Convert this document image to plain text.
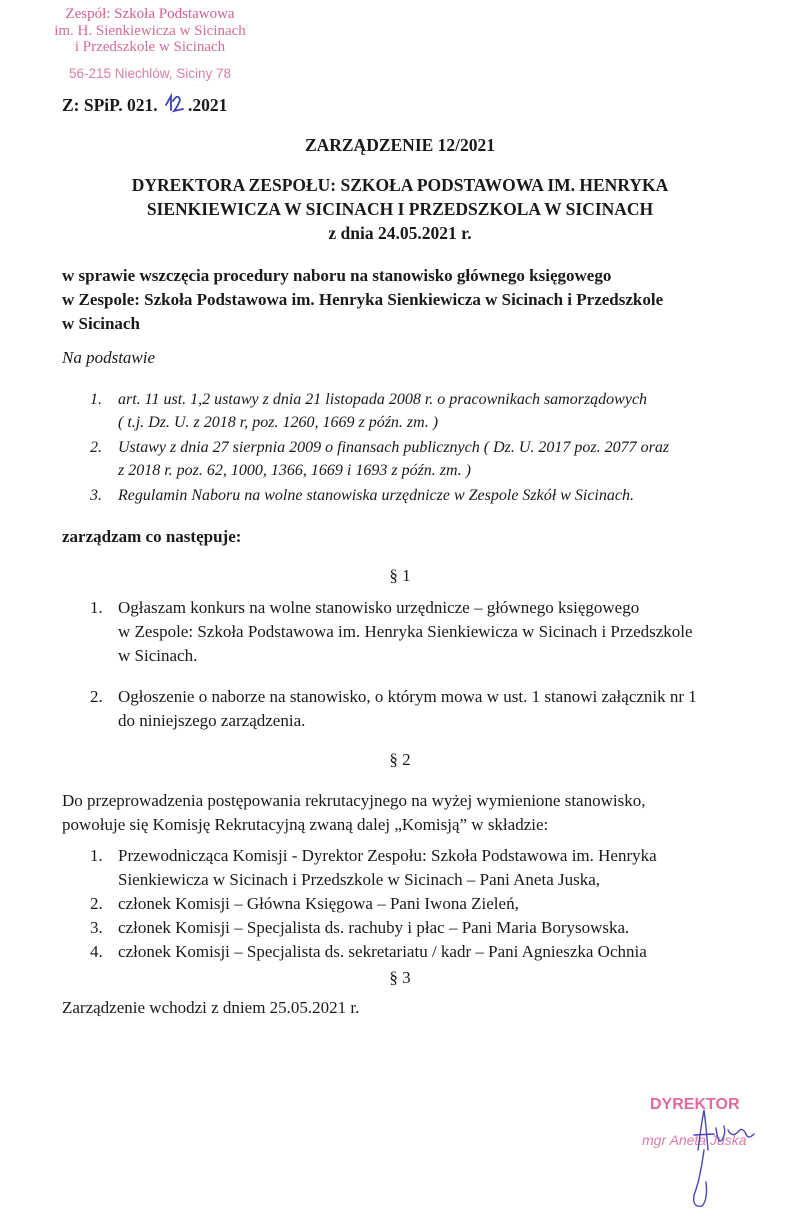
Zespół: Szkoła Podstawowa
im. H. Sienkiewicza w Sicinach
i Przedszkole w Sicinach
56-215 Niechlów, Siciny 78
Z: SPiP. 021. .2021
ZARZĄDZENIE 12/2021
DYREKTORA ZESPOŁU: SZKOŁA PODSTAWOWA IM. HENRYKA
SIENKIEWICZA W SICINACH I PRZEDSZKOLA W SICINACH
z dnia 24.05.2021 r.
w sprawie wszczęcia procedury naboru na stanowisko głównego księgowego
w Zespole: Szkoła Podstawowa im. Henryka Sienkiewicza w Sicinach i Przedszkole
w Sicinach
Na podstawie
1. art. 11 ust. 1,2 ustawy z dnia 21 listopada 2008 r. o pracownikach samorządowych
( t.j. Dz. U. z 2018 r, poz. 1260, 1669 z późn. zm. )
2. Ustawy z dnia 27 sierpnia 2009 o finansach publicznych ( Dz. U. 2017 poz. 2077 oraz
z 2018 r. poz. 62, 1000, 1366, 1669 i 1693 z późn. zm. )
3. Regulamin Naboru na wolne stanowiska urzędnicze w Zespole Szkół w Sicinach.
zarządzam co następuje:
§ 1
1. Ogłaszam konkurs na wolne stanowisko urzędnicze – głównego księgowego
w Zespole: Szkoła Podstawowa im. Henryka Sienkiewicza w Sicinach i Przedszkole
w Sicinach.
2. Ogłoszenie o naborze na stanowisko, o którym mowa w ust. 1 stanowi załącznik nr 1
do niniejszego zarządzenia.
§ 2
Do przeprowadzenia postępowania rekrutacyjnego na wyżej wymienione stanowisko,
powołuje się Komisję Rekrutacyjną zwaną dalej „Komisją” w składzie:
1. Przewodnicząca Komisji - Dyrektor Zespołu: Szkoła Podstawowa im. Henryka
Sienkiewicza w Sicinach i Przedszkole w Sicinach – Pani Aneta Juska,
2. członek Komisji – Główna Księgowa – Pani Iwona Zieleń,
3. członek Komisji – Specjalista ds. rachuby i płac – Pani Maria Borysowska.
4. członek Komisji – Specjalista ds. sekretariatu / kadr – Pani Agnieszka Ochnia
§ 3
Zarządzenie wchodzi z dniem 25.05.2021 r.
DYREKTOR
mgr Aneta Juska
